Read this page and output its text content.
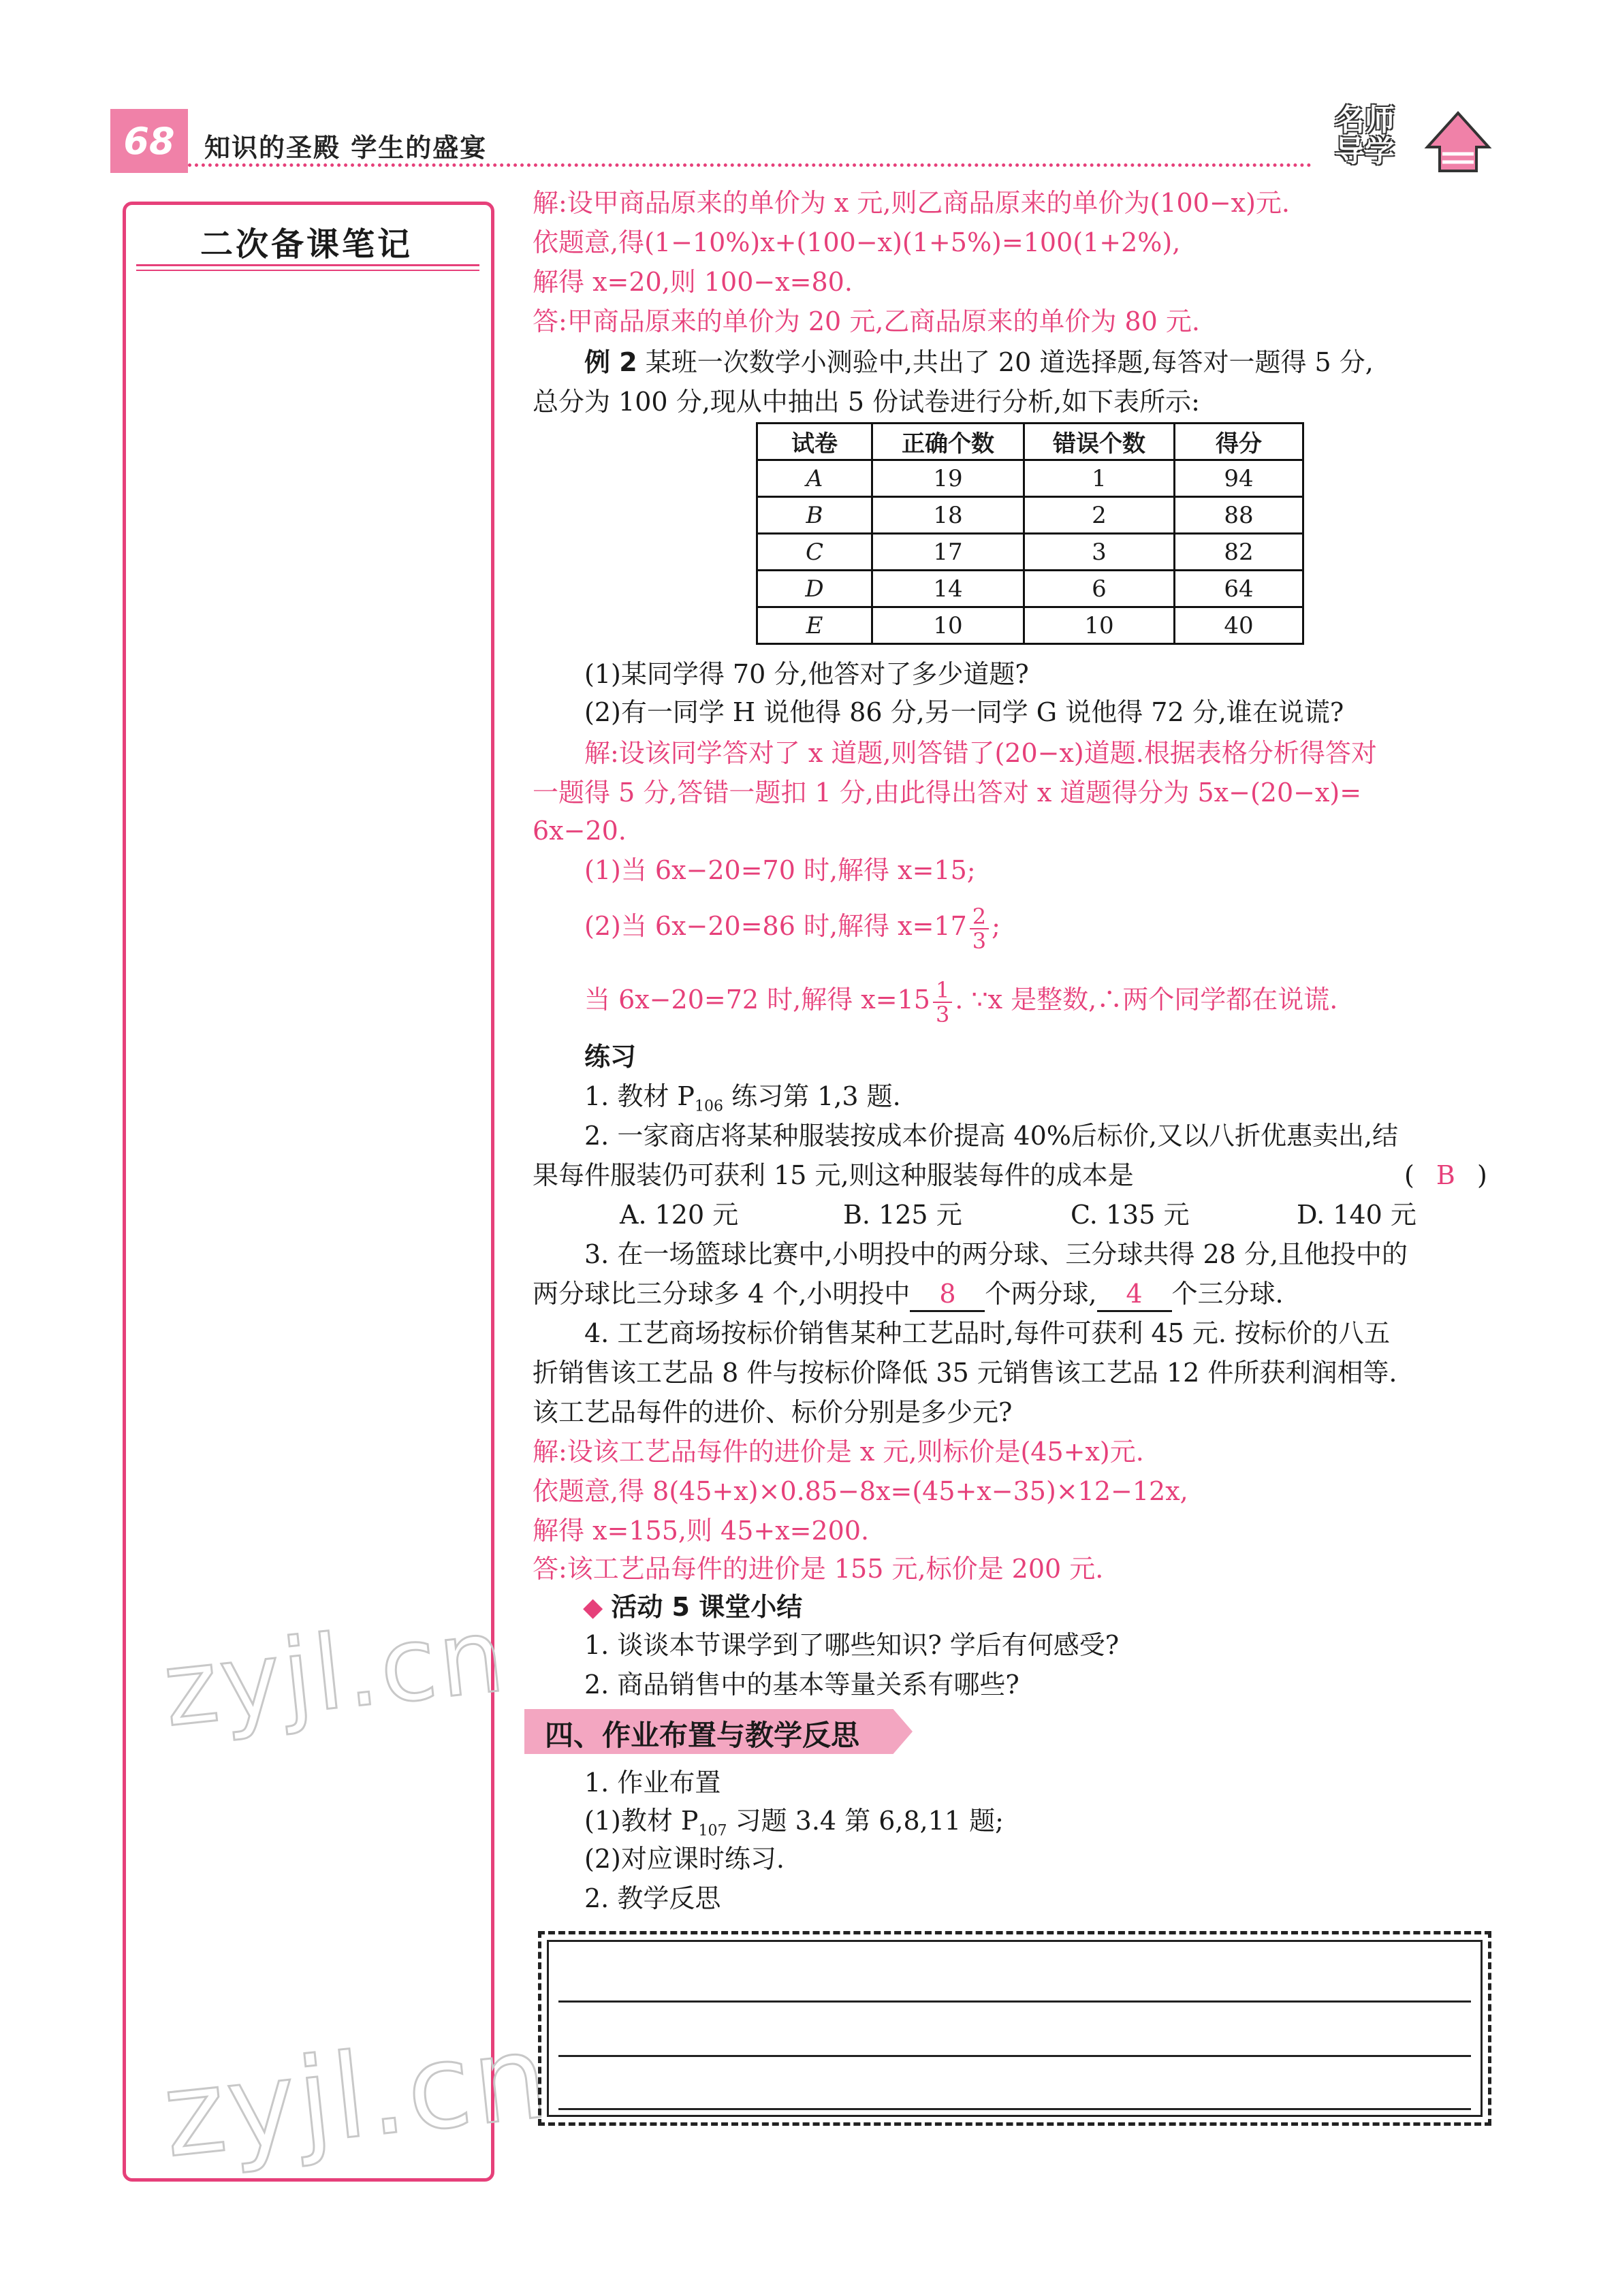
68	知识的圣殿 学生的盛宴
名师
导学
二次备课笔记
zyjl.cn
zyjl.cn
解:设甲商品原来的单价为 x 元,则乙商品原来的单价为(100−x)元.
依题意,得(1−10%)x+(100−x)(1+5%)=100(1+2%),
解得 x=20,则 100−x=80.
答:甲商品原来的单价为 20 元,乙商品原来的单价为 80 元.
例 2 某班一次数学小测验中,共出了 20 道选择题,每答对一题得 5 分,
总分为 100 分,现从中抽出 5 份试卷进行分析,如下表所示:
试卷	正确个数	错误个数	得分
A	19	1	94
B	18	2	88
C	17	3	82
D	14	6	64
E	10	10	40
(1)某同学得 70 分,他答对了多少道题?
(2)有一同学 H 说他得 86 分,另一同学 G 说他得 72 分,谁在说谎?
解:设该同学答对了 x 道题,则答错了(20−x)道题.根据表格分析得答对
一题得 5 分,答错一题扣 1 分,由此得出答对 x 道题得分为 5x−(20−x)=
6x−20.
(1)当 6x−20=70 时,解得 x=15;
(2)当 6x−20=86 时,解得 $x=17 \frac{2}{3}$ ;
当 6x−20=72 时,解得 $x=15 \frac{1}{3}$ . ∵x 是整数,∴两个同学都在说谎.
练习
1. 教材 $P_{106}$ 练习第 1,3 题.
2. 一家商店将某种服装按成本价提高 40%后标价,又以八折优惠卖出,结
果每件服装仍可获利 15 元,则这种服装每件的成本是	( B )
A. 120 元	B. 125 元	C. 135 元	D. 140 元
3. 在一场篮球比赛中,小明投中的两分球、三分球共得 28 分,且他投中的
两分球比三分球多 4 个,小明投中 8 个两分球, 4 个三分球.
4. 工艺商场按标价销售某种工艺品时,每件可获利 45 元. 按标价的八五
折销售该工艺品 8 件与按标价降低 35 元销售该工艺品 12 件所获利润相等.
该工艺品每件的进价、标价分别是多少元?
解:设该工艺品每件的进价是 x 元,则标价是(45+x)元.
依题意,得 8(45+x)×0.85−8x=(45+x−35)×12−12x,
解得 x=155,则 45+x=200.
答:该工艺品每件的进价是 155 元,标价是 200 元.
◆ 活动 5 课堂小结
1. 谈谈本节课学到了哪些知识? 学后有何感受?
2. 商品销售中的基本等量关系有哪些?
四、作业布置与教学反思
1. 作业布置
(1)教材 $P_{107}$ 习题 3.4 第 6,8,11 题;
(2)对应课时练习.
2. 教学反思
